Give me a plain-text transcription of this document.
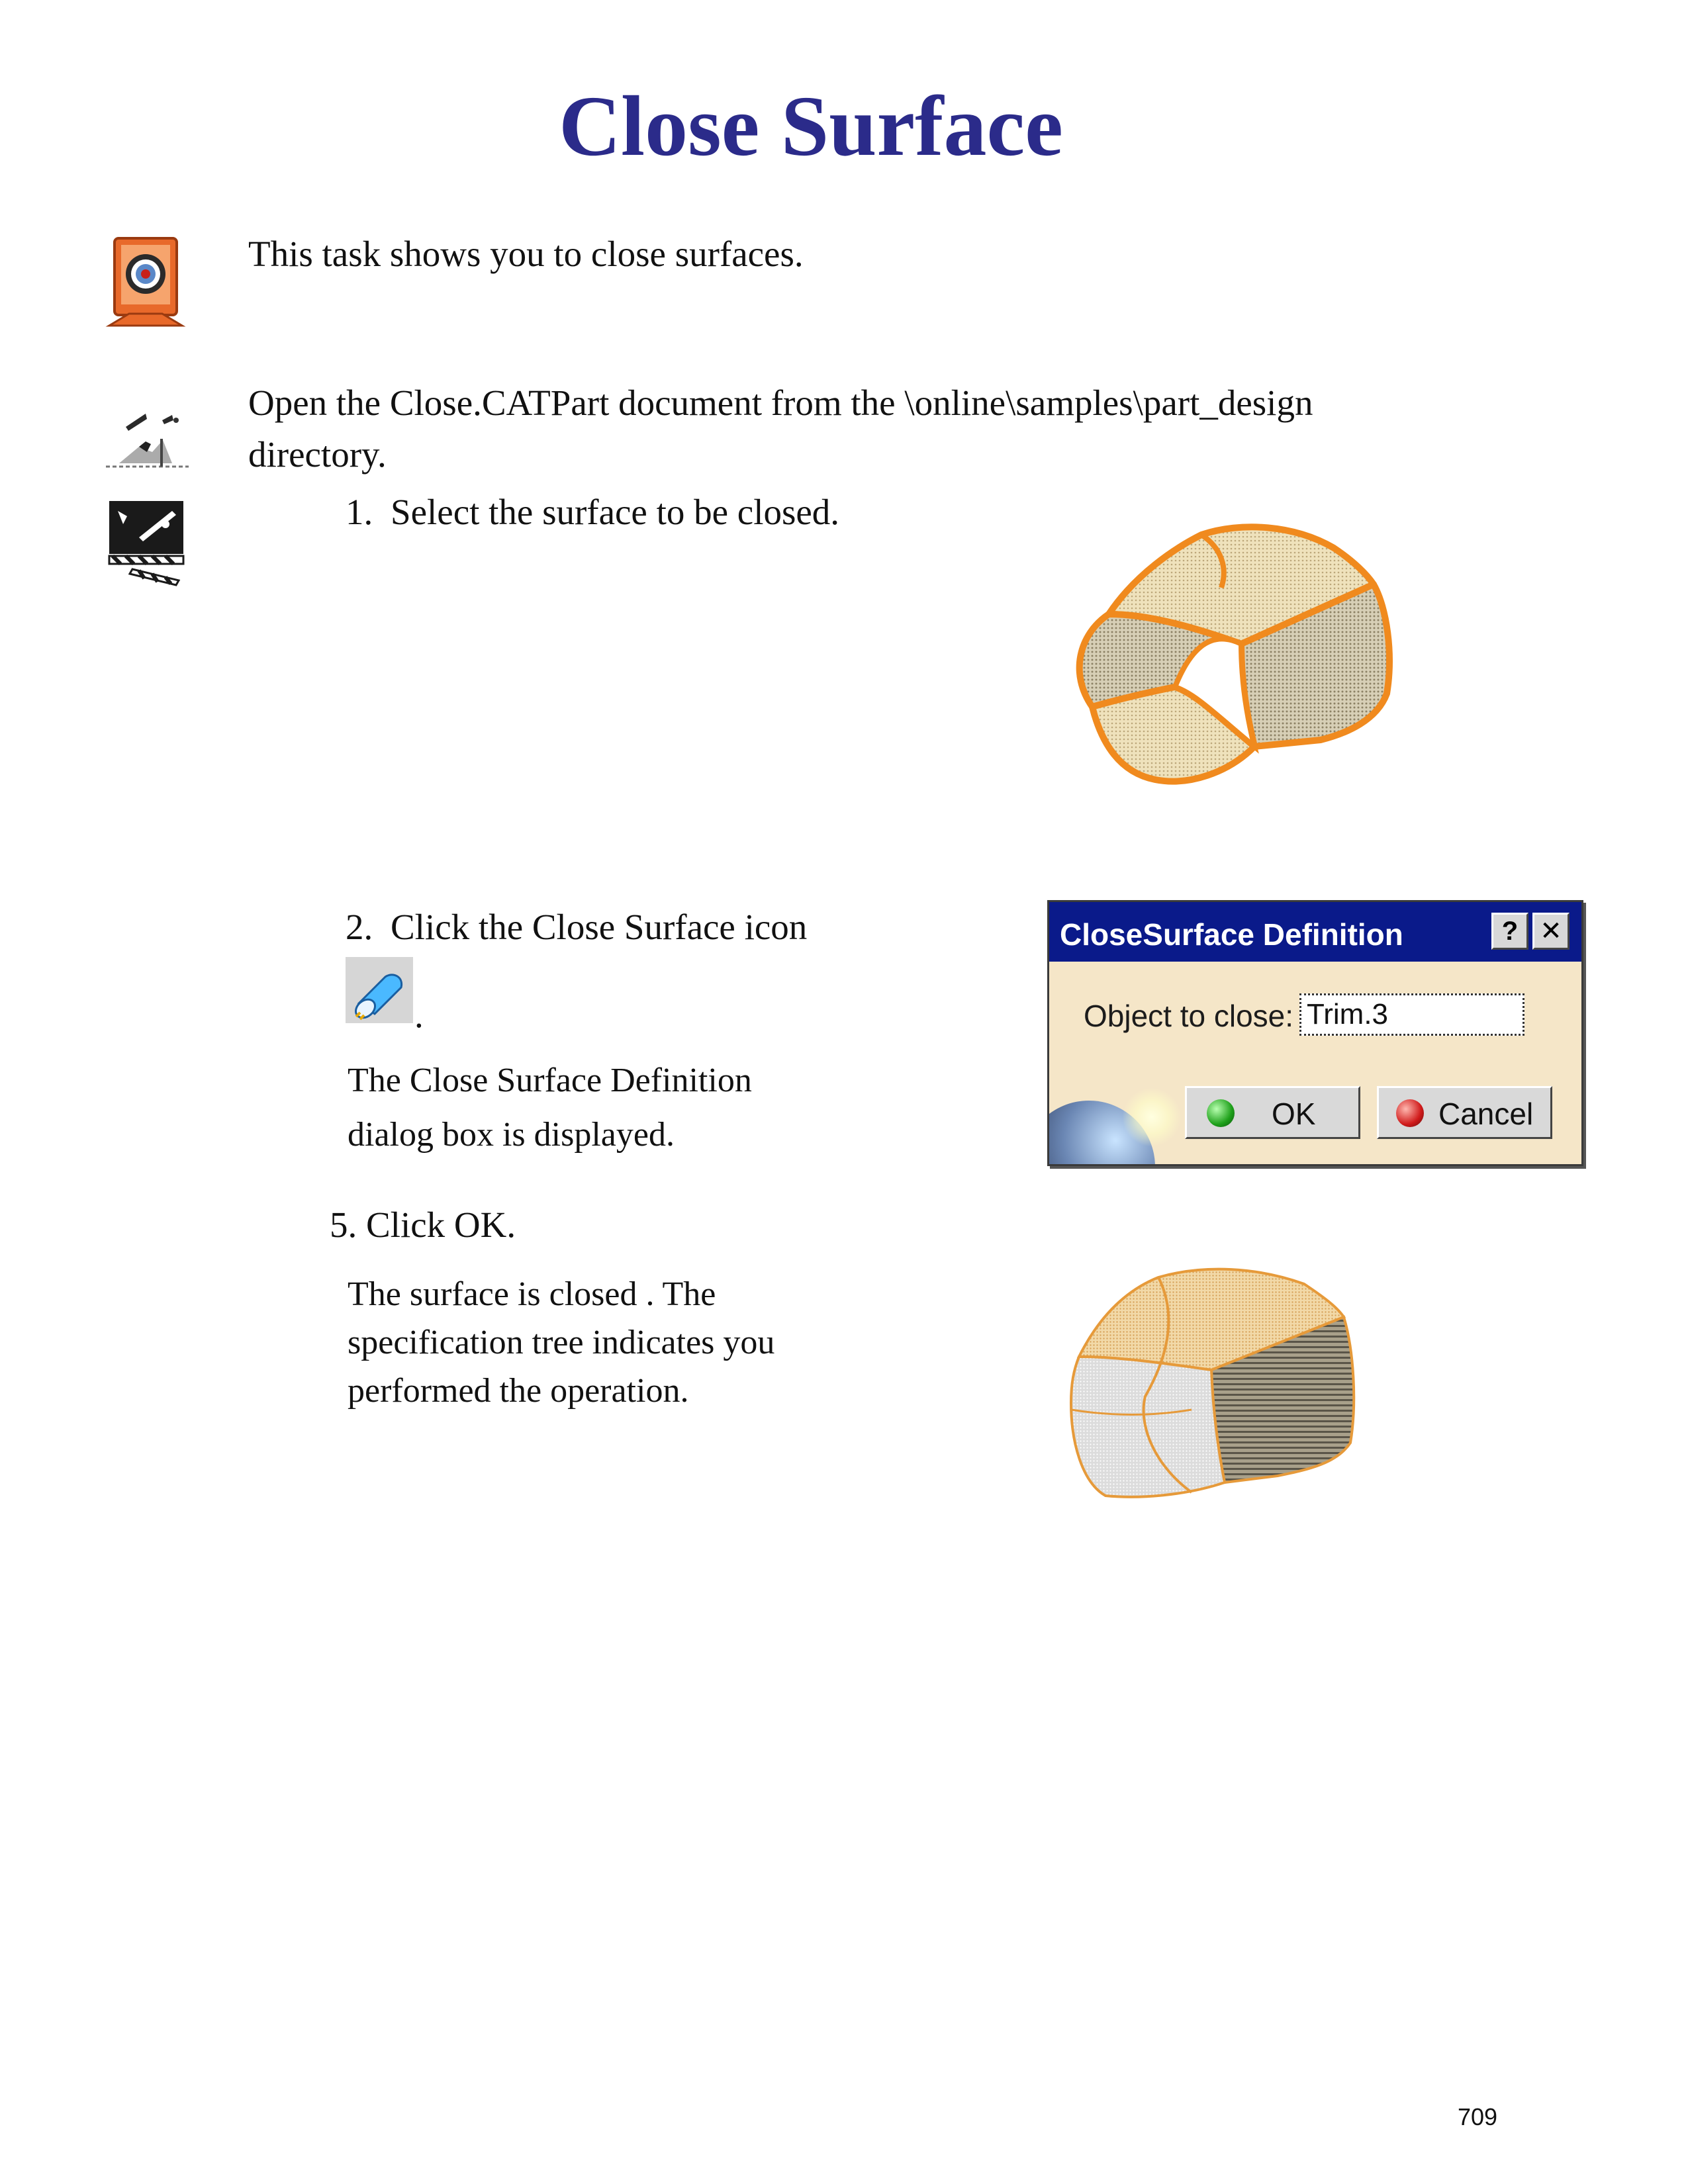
Close Surface
This task shows you to close surfaces.
Open the Close.CATPart document from the \online\samples\part_design
directory.
1. Select the surface to be closed.
2. Click the Close Surface icon
.
The Close Surface Definition
dialog box is displayed.
CloseSurface Definition	? ✕
Object to close: Trim.3
OK	Cancel
5. Click OK.
The surface is closed . The
specification tree indicates you
performed the operation.
709
